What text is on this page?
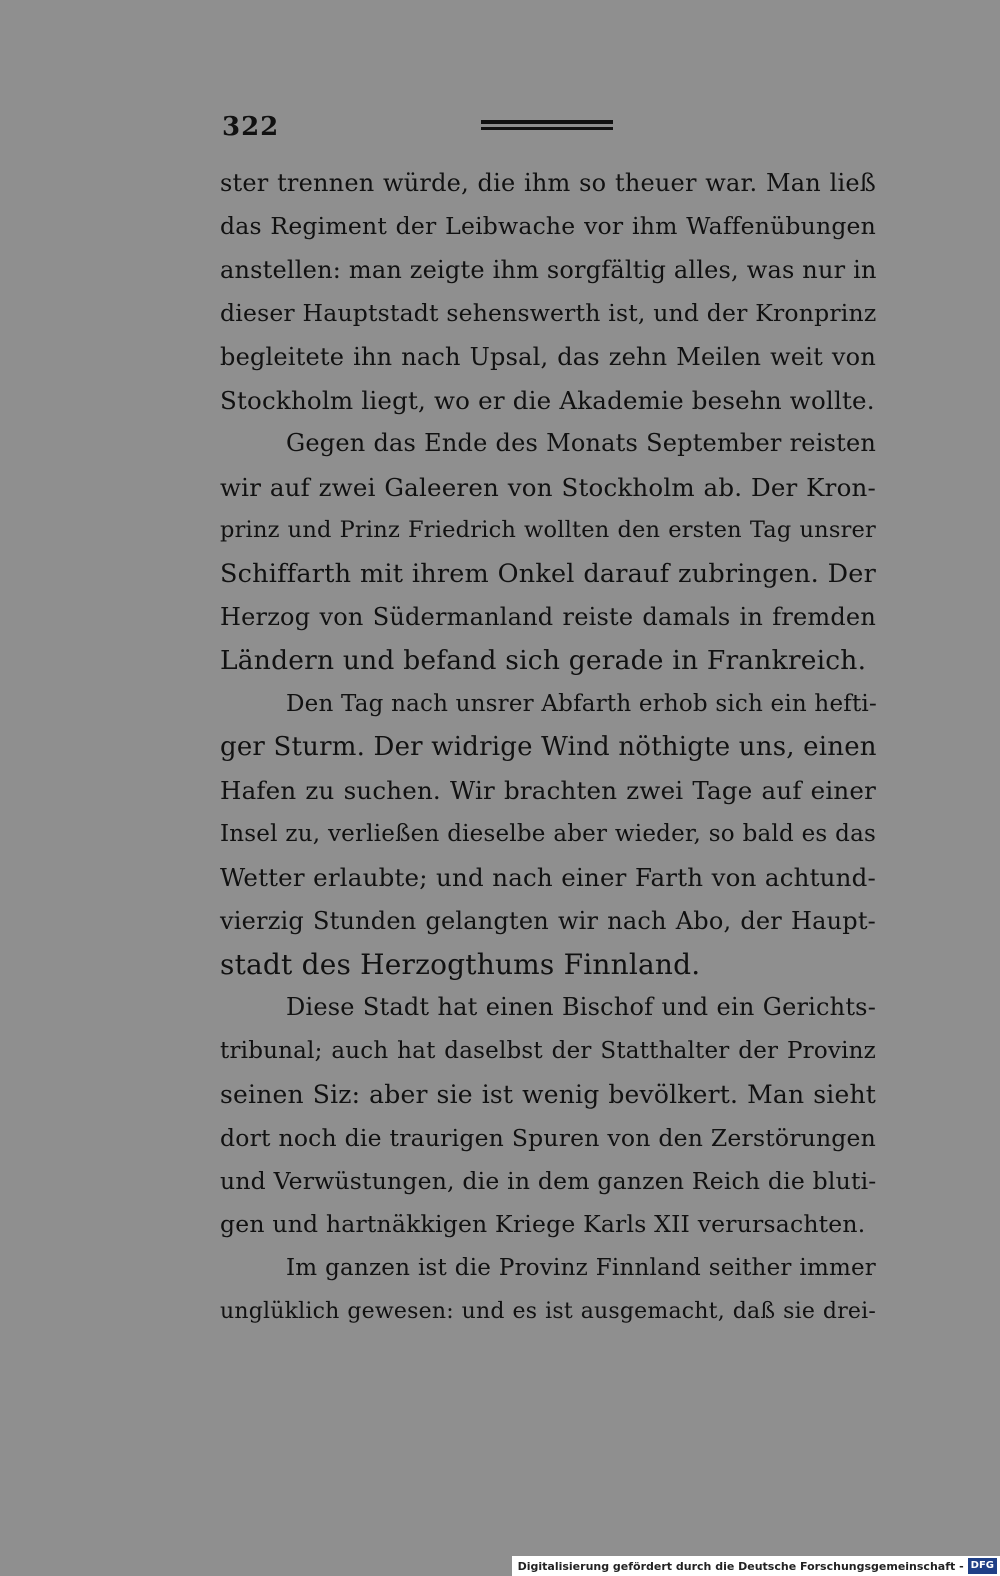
322
ster trennen würde, die ihm so theuer war. Man ließ
das Regiment der Leibwache vor ihm Waffenübungen
anstellen: man zeigte ihm sorgfältig alles, was nur in
dieser Hauptstadt sehenswerth ist, und der Kronprinz
begleitete ihn nach Upsal, das zehn Meilen weit von
Stockholm liegt, wo er die Akademie besehn wollte.
Gegen das Ende des Monats September reisten
wir auf zwei Galeeren von Stockholm ab. Der Kron-
prinz und Prinz Friedrich wollten den ersten Tag unsrer
Schiffarth mit ihrem Onkel darauf zubringen. Der
Herzog von Südermanland reiste damals in fremden
Ländern und befand sich gerade in Frankreich.
Den Tag nach unsrer Abfarth erhob sich ein hefti-
ger Sturm. Der widrige Wind nöthigte uns, einen
Hafen zu suchen. Wir brachten zwei Tage auf einer
Insel zu, verließen dieselbe aber wieder, so bald es das
Wetter erlaubte; und nach einer Farth von achtund-
vierzig Stunden gelangten wir nach Abo, der Haupt-
stadt des Herzogthums Finnland.
Diese Stadt hat einen Bischof und ein Gerichts-
tribunal; auch hat daselbst der Statthalter der Provinz
seinen Siz: aber sie ist wenig bevölkert. Man sieht
dort noch die traurigen Spuren von den Zerstörungen
und Verwüstungen, die in dem ganzen Reich die bluti-
gen und hartnäkkigen Kriege Karls XII verursachten.
Im ganzen ist die Provinz Finnland seither immer
unglüklich gewesen: und es ist ausgemacht, daß sie drei-
Digitalisierung gefördert durch die Deutsche Forschungsgemeinschaft - DFG
